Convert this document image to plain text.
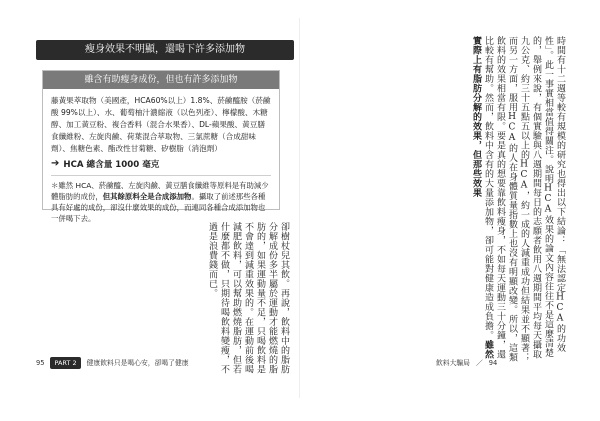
瘦身效果不明顯，還喝下許多添加物
雖含有助瘦身成份，但也有許多添加物
藤黃果萃取物（美國產，HCA60%以上）1.8%、菸鹼醯胺（菸鹼酸 99%以上）、水、葡萄柚汁濃縮液（以色列產）、檸檬酸、木糖醇、加工黃豆粉、複合香料（混合水果香）、DL-蘋果酸、黃豆膳食纖維粉、左旋肉鹼、荷葉混合萃取物、三氯蔗糖（合成甜味劑）、焦糖色素、酯改性甘菊糖、矽樹脂（消泡劑）
➔ HCA 總含量 1000 毫克
＊雖然 HCA、菸鹼醯、左旋肉鹼、黃豆膳食纖維等原料是有助減少體脂肪的成份，但其餘原料全是合成添加物。攝取了前述那些各種具有好處的成份，卻沒什麼效果的成份，而連同各種合成添加物也一併喝下去。
卻樹杖兒其飲。再說，飲料中的脂肪分解成份多半屬於運動才能燃燒的脂肪的，如果運動量不足，只喝飲料是不會達到減重效果的。在運動前後喝減肥飲料，可以幫助燃燒脂肪，但若什麼都不做，只期待喝飲料變瘦，不過是浪費錢而已。	時間有十二週等較有規模的研究也得出以下結論：「無法認定HCA的功效性」。此一事實相當值得關注。說明HCA效果的論文內容往往不是這麼清楚的，舉例來說，有個實驗與八週期間每日的志願者飲用八週期間平均每天攝取九公克、約三十五點五以上的HCA，約一成的人減重成功但結果並不顯著；而另一方面，服用HCA的人在身體質量指數上也沒有明顯改變。所以，這類飲料的效果相當有限。要是真的想要靠飲料瘦身，不如每天運動三十分鐘，還比較有幫助。然而，飲料中含有的大量添加物，卻可能對健康造成負擔。雖然實際上有脂肪分解的效果，但那些效果
95	PART 2	健康飲料只是喝心安，卻喝了健康	飲料大騙局 ／ 94
